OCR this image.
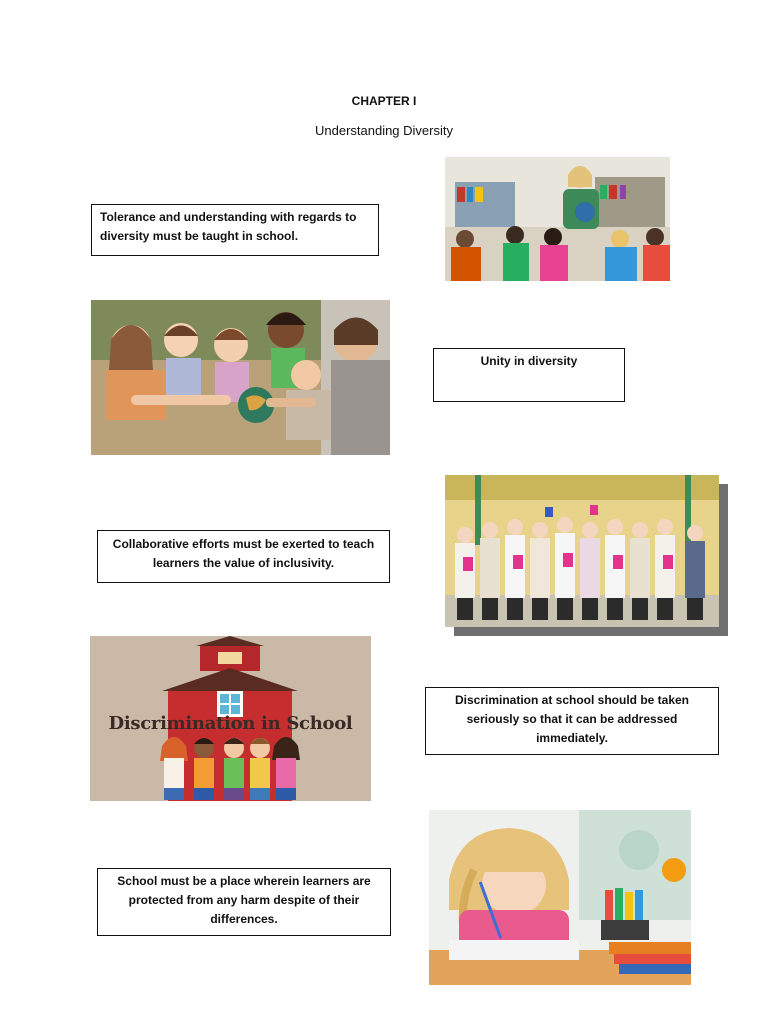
CHAPTER I
Understanding Diversity
Tolerance and understanding with regards to diversity must be taught in school.
Unity in diversity
Collaborative efforts must be exerted to teach learners the value of inclusivity.
Discrimination in School
Discrimination at school should be taken seriously so that it can be addressed immediately.
School must be a place wherein learners are protected from any harm despite of their differences.
